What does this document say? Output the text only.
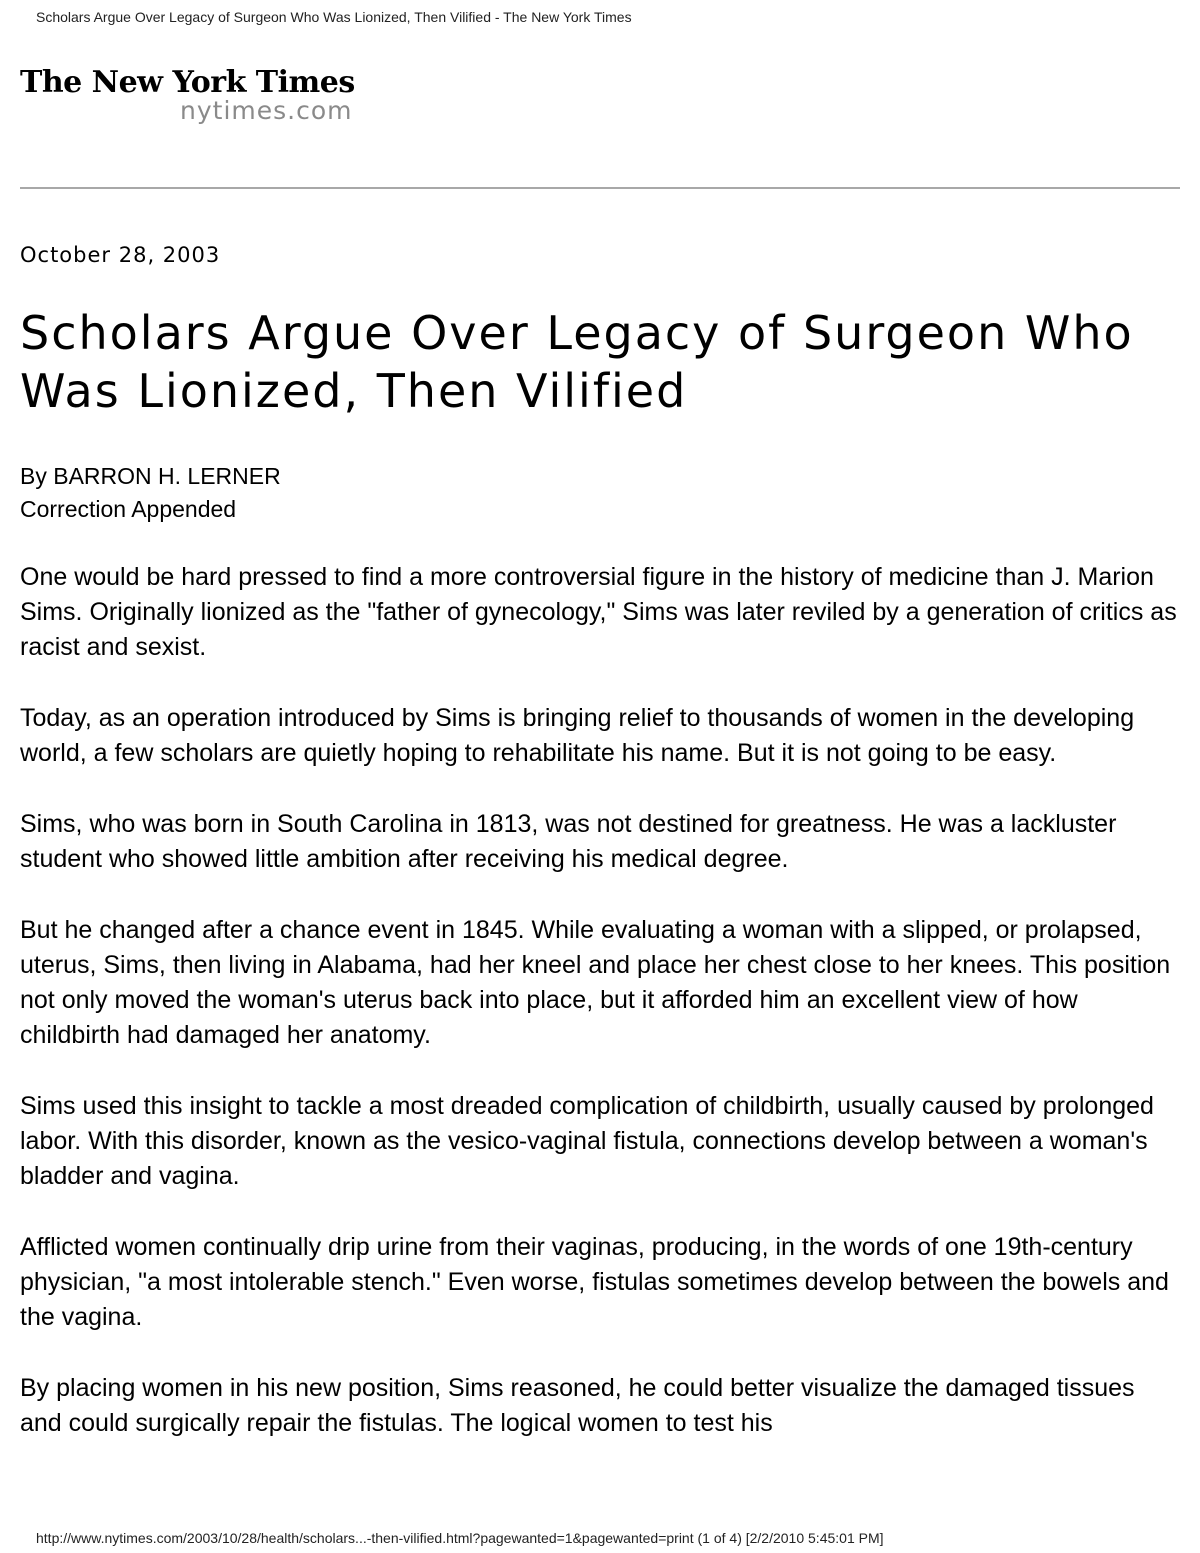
Scholars Argue Over Legacy of Surgeon Who Was Lionized, Then Vilified - The New York Times
The New York Times
nytimes.com
October 28, 2003
Scholars Argue Over Legacy of Surgeon Who
Was Lionized, Then Vilified
By BARRON H. LERNER
Correction Appended

One would be hard pressed to find a more controversial figure in the history of medicine than J. Marion Sims. Originally lionized as the "father of gynecology," Sims was later reviled by a generation of critics as racist and sexist.

Today, as an operation introduced by Sims is bringing relief to thousands of women in the developing world, a few scholars are quietly hoping to rehabilitate his name. But it is not going to be easy.

Sims, who was born in South Carolina in 1813, was not destined for greatness. He was a lackluster student who showed little ambition after receiving his medical degree.

But he changed after a chance event in 1845. While evaluating a woman with a slipped, or prolapsed, uterus, Sims, then living in Alabama, had her kneel and place her chest close to her knees. This position not only moved the woman's uterus back into place, but it afforded him an excellent view of how childbirth had damaged her anatomy.

Sims used this insight to tackle a most dreaded complication of childbirth, usually caused by prolonged labor. With this disorder, known as the vesico-vaginal fistula, connections develop between a woman's bladder and vagina.

Afflicted women continually drip urine from their vaginas, producing, in the words of one 19th-century physician, "a most intolerable stench." Even worse, fistulas sometimes develop between the bowels and the vagina.

By placing women in his new position, Sims reasoned, he could better visualize the damaged tissues and could surgically repair the fistulas. The logical women to test his

http://www.nytimes.com/2003/10/28/health/scholars...-then-vilified.html?pagewanted=1&pagewanted=print (1 of 4) [2/2/2010 5:45:01 PM]
